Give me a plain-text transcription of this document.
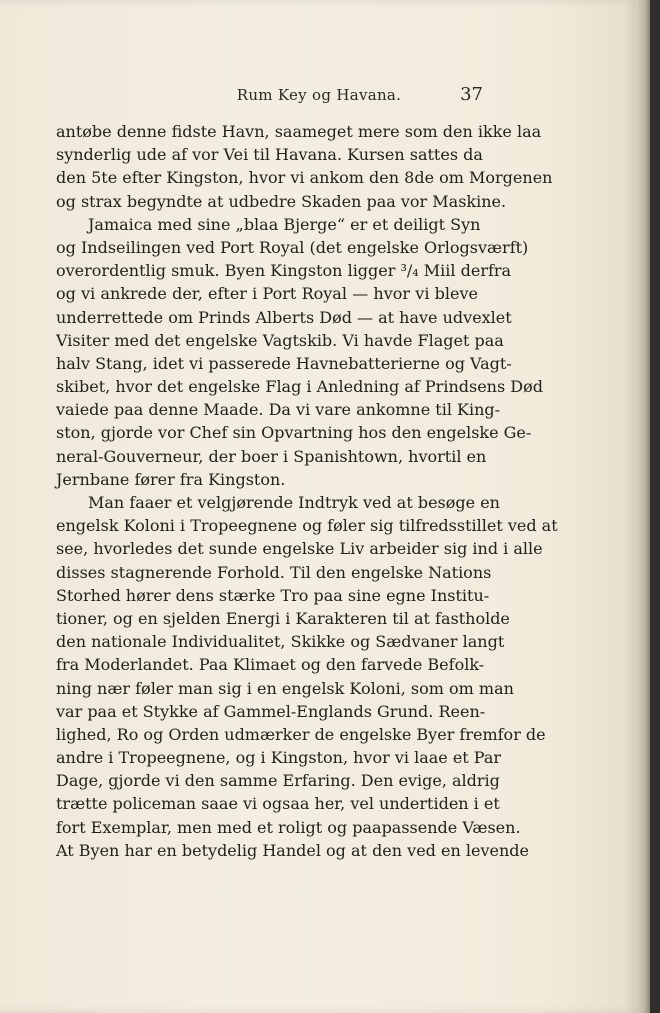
Rum Key og Havana.	37
antøbe denne fidste Havn, saameget mere som den ikke laa
synderlig ude af vor Vei til Havana. Kursen sattes da
den 5te efter Kingston, hvor vi ankom den 8de om Morgenen
og strax begyndte at udbedre Skaden paa vor Maskine.
Jamaica med sine „blaa Bjerge“ er et deiligt Syn
og Indseilingen ved Port Royal (det engelske Orlogsværft)
overordentlig smuk. Byen Kingston ligger ³/₄ Miil derfra
og vi ankrede der, efter i Port Royal — hvor vi bleve
underrettede om Prinds Alberts Død — at have udvexlet
Visiter med det engelske Vagtskib. Vi havde Flaget paa
halv Stang, idet vi passerede Havnebatterierne og Vagt-
skibet, hvor det engelske Flag i Anledning af Prindsens Død
vaiede paa denne Maade. Da vi vare ankomne til King-
ston, gjorde vor Chef sin Opvartning hos den engelske Ge-
neral-Gouverneur, der boer i Spanishtown, hvortil en
Jernbane fører fra Kingston.
Man faaer et velgjørende Indtryk ved at besøge en
engelsk Koloni i Tropeegnene og føler sig tilfredsstillet ved at
see, hvorledes det sunde engelske Liv arbeider sig ind i alle
disses stagnerende Forhold. Til den engelske Nations
Storhed hører dens stærke Tro paa sine egne Institu-
tioner, og en sjelden Energi i Karakteren til at fastholde
den nationale Individualitet, Skikke og Sædvaner langt
fra Moderlandet. Paa Klimaet og den farvede Befolk-
ning nær føler man sig i en engelsk Koloni, som om man
var paa et Stykke af Gammel-Englands Grund. Reen-
lighed, Ro og Orden udmærker de engelske Byer fremfor de
andre i Tropeegnene, og i Kingston, hvor vi laae et Par
Dage, gjorde vi den samme Erfaring. Den evige, aldrig
trætte policeman saae vi ogsaa her, vel undertiden i et
fort Exemplar, men med et roligt og paapassende Væsen.
At Byen har en betydelig Handel og at den ved en levende
